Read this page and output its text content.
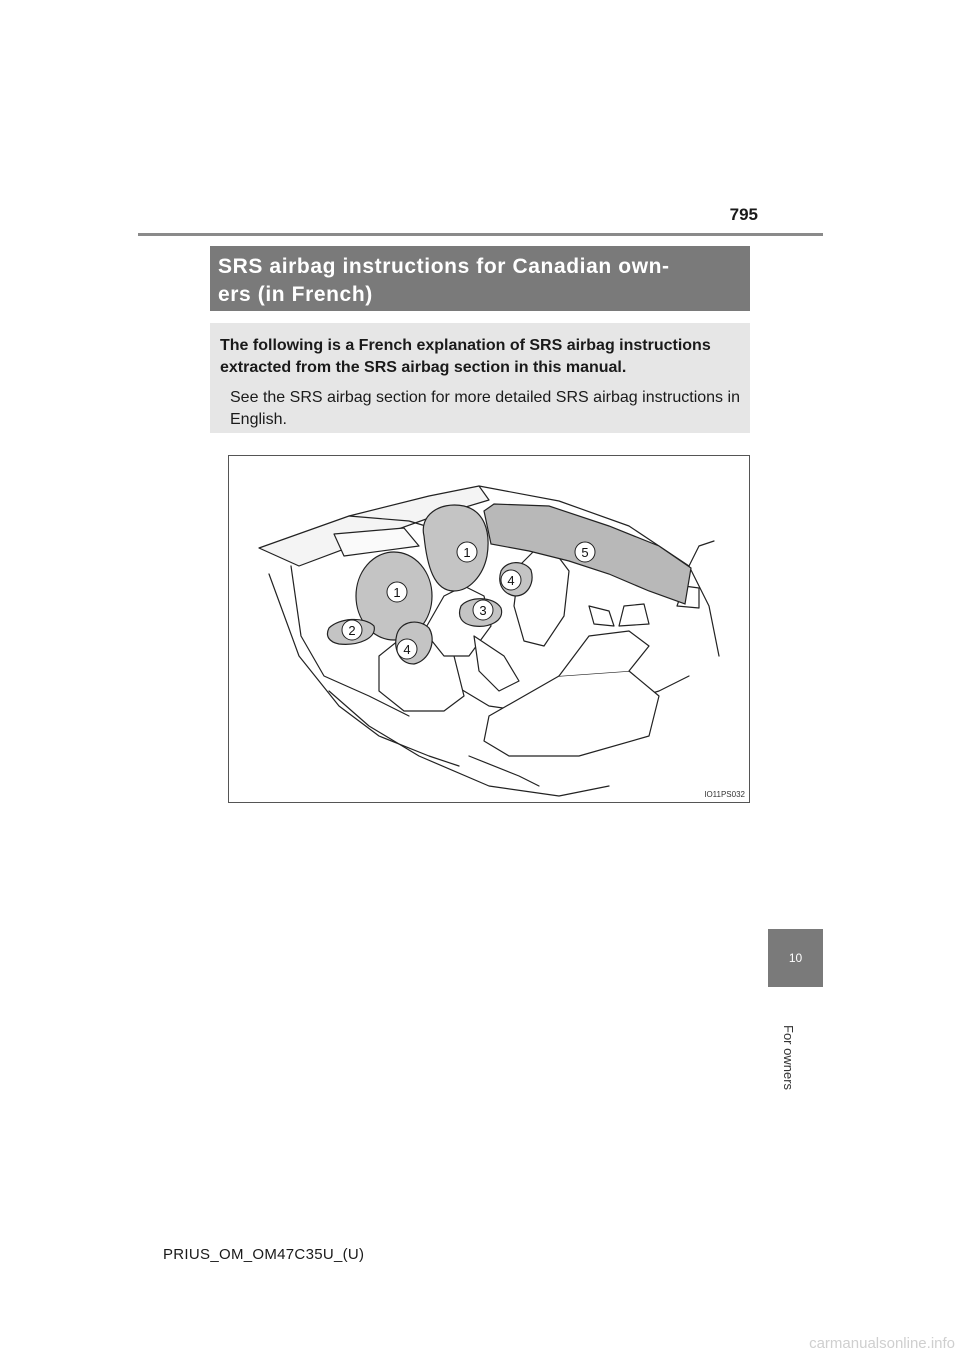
795
SRS airbag instructions for Canadian own-
ers (in French)

The following is a French explanation of SRS airbag instructions extracted from the SRS airbag section in this manual.

See the SRS airbag section for more detailed SRS airbag instructions in English.

1
1
2
3
4
4
5
IO11PS032
10
For owners
PRIUS_OM_OM47C35U_(U)
carmanualsonline.info
